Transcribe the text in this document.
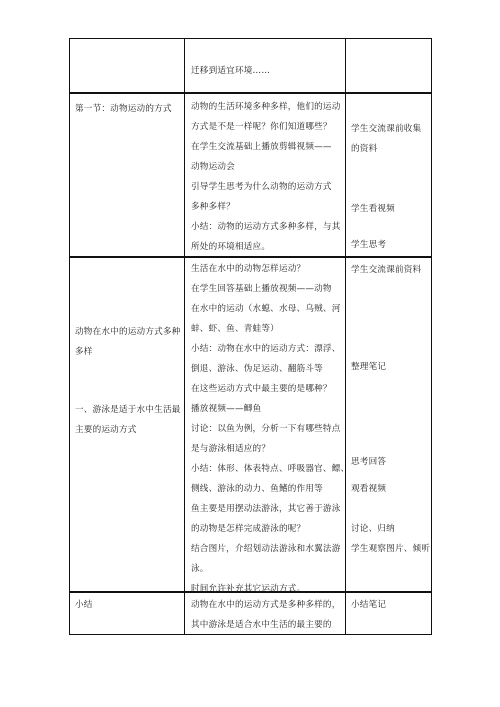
迁移到适宜环境……
第一节：动物运动的方式 动物的生活环境多种多样，他们的运动
方式是不是一样呢？你们知道哪些？
在学生交流基础上播放剪辑视频——
动物运动会
引导学生思考为什么动物的运动方式
多种多样？
小结：动物的运动方式多种多样，与其
所处的环境相适应。
学生交流课前收集
的资料
学生看视频
学生思考
动物在水中的运动方式多种
多样
一、游泳是适于水中生活最
主要的运动方式
生活在水中的动物怎样运动？
在学生回答基础上播放视频——动物
在水中的运动（水螅、水母、乌贼、河
蚌、虾、鱼、青蛙等）
小结：动物在水中的运动方式：漂浮、
倒退、游泳、伪足运动、翻筋斗等
在这些运动方式中最主要的是哪种？
播放视频——鲫鱼
讨论：以鱼为例，分析一下有哪些特点
是与游泳相适应的？
小结：体形、体表特点、呼吸器官、鳔、
侧线、游泳的动力、鱼鳍的作用等
鱼主要是用摆动法游泳，其它善于游泳
的动物是怎样完成游泳的呢？
结合图片，介绍划动法游泳和水翼法游
泳。
时间允许补充其它运动方式。
学生交流课前资料
整理笔记
思考回答
观看视频
讨论、归纳
学生观察图片、倾听
小结	动物在水中的运动方式是多种多样的，
其中游泳是适合水中生活的最主要的
小结笔记
